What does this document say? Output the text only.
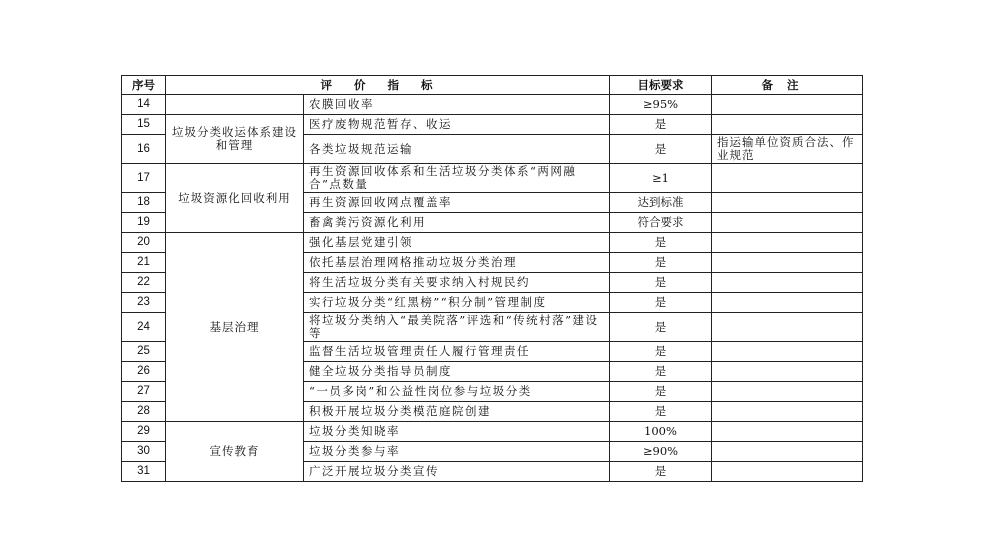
序号	评价指标		目标要求	备注
14		农膜回收率	≥95%	
15	垃圾分类收运体系建设和管理	医疗废物规范暂存、收运	是	
16		各类垃圾规范运输	是	指运输单位资质合法、作业规范
17	垃圾资源化回收利用	再生资源回收体系和生活垃圾分类体系“两网融合”点数量	≥1	
18		再生资源回收网点覆盖率	达到标准	
19		畜禽粪污资源化利用	符合要求	
20	基层治理	强化基层党建引领	是	
21		依托基层治理网格推动垃圾分类治理	是	
22		将生活垃圾分类有关要求纳入村规民约	是	
23		实行垃圾分类“红黑榜”“积分制”管理制度	是	
24		将垃圾分类纳入“最美院落”评选和“传统村落”建设等	是	
25		监督生活垃圾管理责任人履行管理责任	是	
26		健全垃圾分类指导员制度	是	
27		“一员多岗”和公益性岗位参与垃圾分类	是	
28		积极开展垃圾分类模范庭院创建	是	
29	宣传教育	垃圾分类知晓率	100%	
30		垃圾分类参与率	≥90%	
31		广泛开展垃圾分类宣传	是	
